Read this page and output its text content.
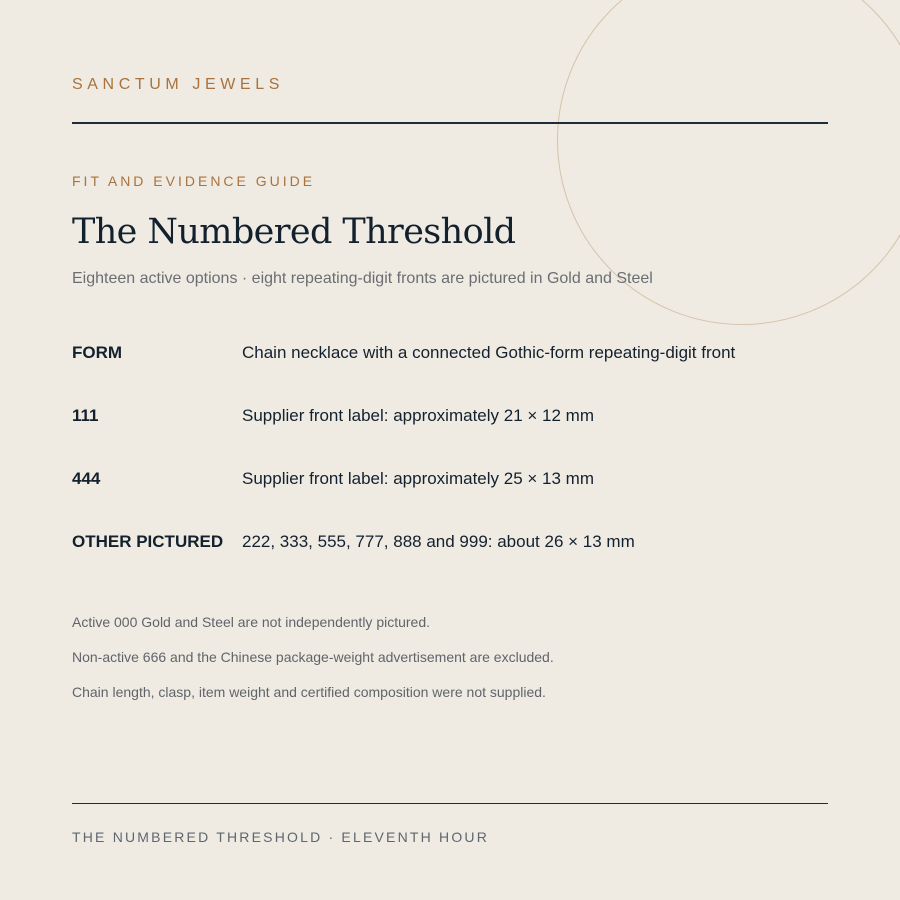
SANCTUM JEWELS

FIT AND EVIDENCE GUIDE

The Numbered Threshold

Eighteen active options · eight repeating-digit fronts are pictured in Gold and Steel

FORM	Chain necklace with a connected Gothic-form repeating-digit front
111	Supplier front label: approximately 21 × 12 mm
444	Supplier front label: approximately 25 × 13 mm
OTHER PICTURED 222, 333, 555, 777, 888 and 999: about 26 × 13 mm
Active 000 Gold and Steel are not independently pictured.
Non-active 666 and the Chinese package-weight advertisement are excluded.
Chain length, clasp, item weight and certified composition were not supplied.

THE NUMBERED THRESHOLD · ELEVENTH HOUR
